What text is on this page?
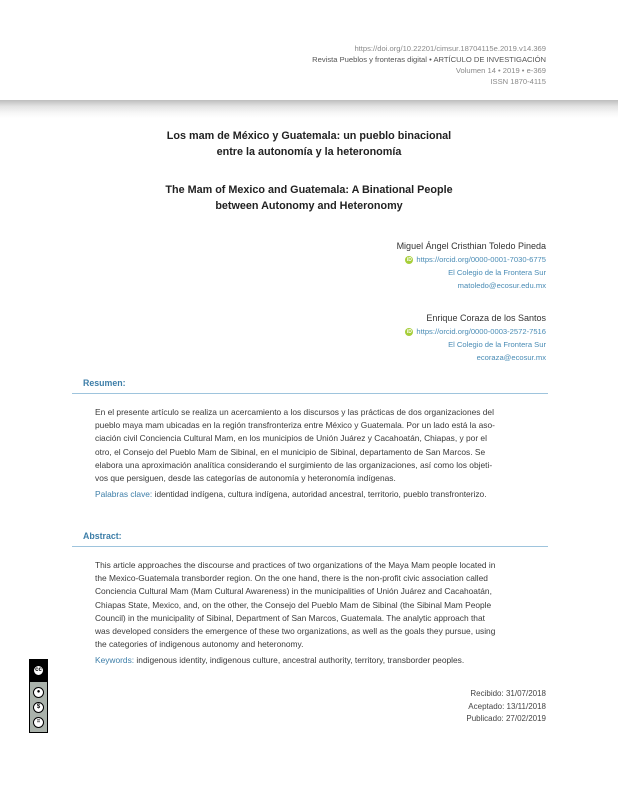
https://doi.org/10.22201/cimsur.18704115e.2019.v14.369
Revista Pueblos y fronteras digital • ARTÍCULO DE INVESTIGACIÓN
Volumen 14 • 2019 • e-369
ISSN 1870-4115
Los mam de México y Guatemala: un pueblo binacional
entre la autonomía y la heteronomía
The Mam of Mexico and Guatemala: A Binational People
between Autonomy and Heteronomy
Miguel Ángel Cristhian Toledo Pineda
iD https://orcid.org/0000-0001-7030-6775
El Colegio de la Frontera Sur
matoledo@ecosur.edu.mx
Enrique Coraza de los Santos
iD https://orcid.org/0000-0003-2572-7516
El Colegio de la Frontera Sur
ecoraza@ecosur.mx
Resumen:
En el presente artículo se realiza un acercamiento a los discursos y las prácticas de dos organizaciones del
pueblo maya mam ubicadas en la región transfronteriza entre México y Guatemala. Por un lado está la aso-
ciación civil Conciencia Cultural Mam, en los municipios de Unión Juárez y Cacahoatán, Chiapas, y por el
otro, el Consejo del Pueblo Mam de Sibinal, en el municipio de Sibinal, departamento de San Marcos. Se
elabora una aproximación analítica considerando el surgimiento de las organizaciones, así como los objeti-
vos que persiguen, desde las categorías de autonomía y heteronomía indígenas.
Palabras clave: identidad indígena, cultura indígena, autoridad ancestral, territorio, pueblo transfronterizo.
Abstract:
This article approaches the discourse and practices of two organizations of the Maya Mam people located in
the Mexico-Guatemala transborder region. On the one hand, there is the non-profit civic association called
Conciencia Cultural Mam (Mam Cultural Awareness) in the municipalities of Unión Juárez and Cacahoatán,
Chiapas State, Mexico, and, on the other, the Consejo del Pueblo Mam de Sibinal (the Sibinal Mam People
Council) in the municipality of Sibinal, Department of San Marcos, Guatemala. The analytic approach that
was developed considers the emergence of these two organizations, as well as the goals they pursue, using
the categories of indigenous autonomy and heteronomy.
Keywords: indigenous identity, indigenous culture, ancestral authority, territory, transborder peoples.
Recibido: 31/07/2018
Aceptado: 13/11/2018
Publicado: 27/02/2019
cc
●
$
=
